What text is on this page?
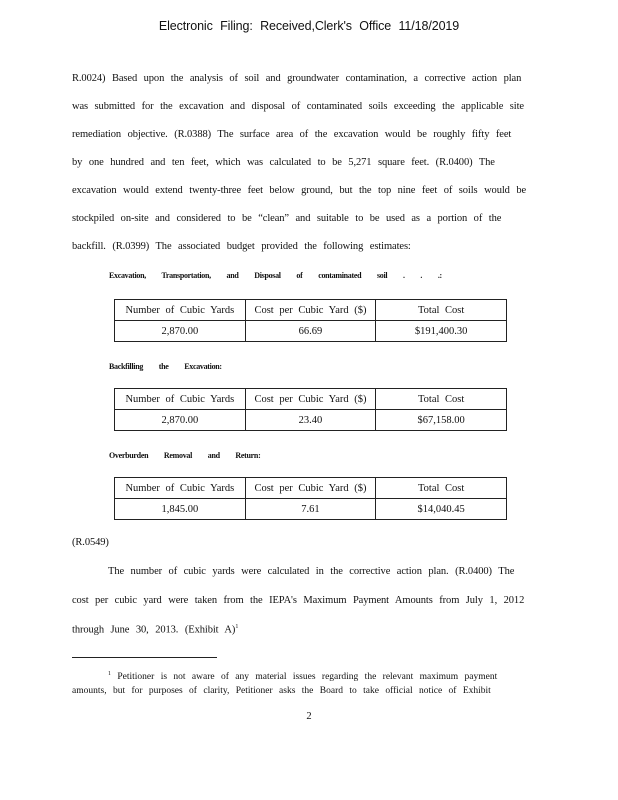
Electronic Filing: Received,Clerk's Office 11/18/2019
R.0024) Based upon the analysis of soil and groundwater contamination, a corrective action plan
was submitted for the excavation and disposal of contaminated soils exceeding the applicable site
remediation objective. (R.0388) The surface area of the excavation would be roughly fifty feet
by one hundred and ten feet, which was calculated to be 5,271 square feet. (R.0400) The
excavation would extend twenty-three feet below ground, but the top nine feet of soils would be
stockpiled on-site and considered to be “clean” and suitable to be used as a portion of the
backfill. (R.0399) The associated budget provided the following estimates:
Excavation, Transportation, and Disposal of contaminated soil . . .:
Number of Cubic Yards	Cost per Cubic Yard ($)	Total Cost
2,870.00	66.69	$191,400.30
Backfilling the Excavation:
Number of Cubic Yards	Cost per Cubic Yard ($)	Total Cost
2,870.00	23.40	$67,158.00
Overburden Removal and Return:
Number of Cubic Yards	Cost per Cubic Yard ($)	Total Cost
1,845.00	7.61	$14,040.45
(R.0549)
The number of cubic yards were calculated in the corrective action plan. (R.0400) The
cost per cubic yard were taken from the IEPA's Maximum Payment Amounts from July 1, 2012
through June 30, 2013. (Exhibit A)$^1$
$^1$ Petitioner is not aware of any material issues regarding the relevant maximum payment
amounts, but for purposes of clarity, Petitioner asks the Board to take official notice of Exhibit
2
